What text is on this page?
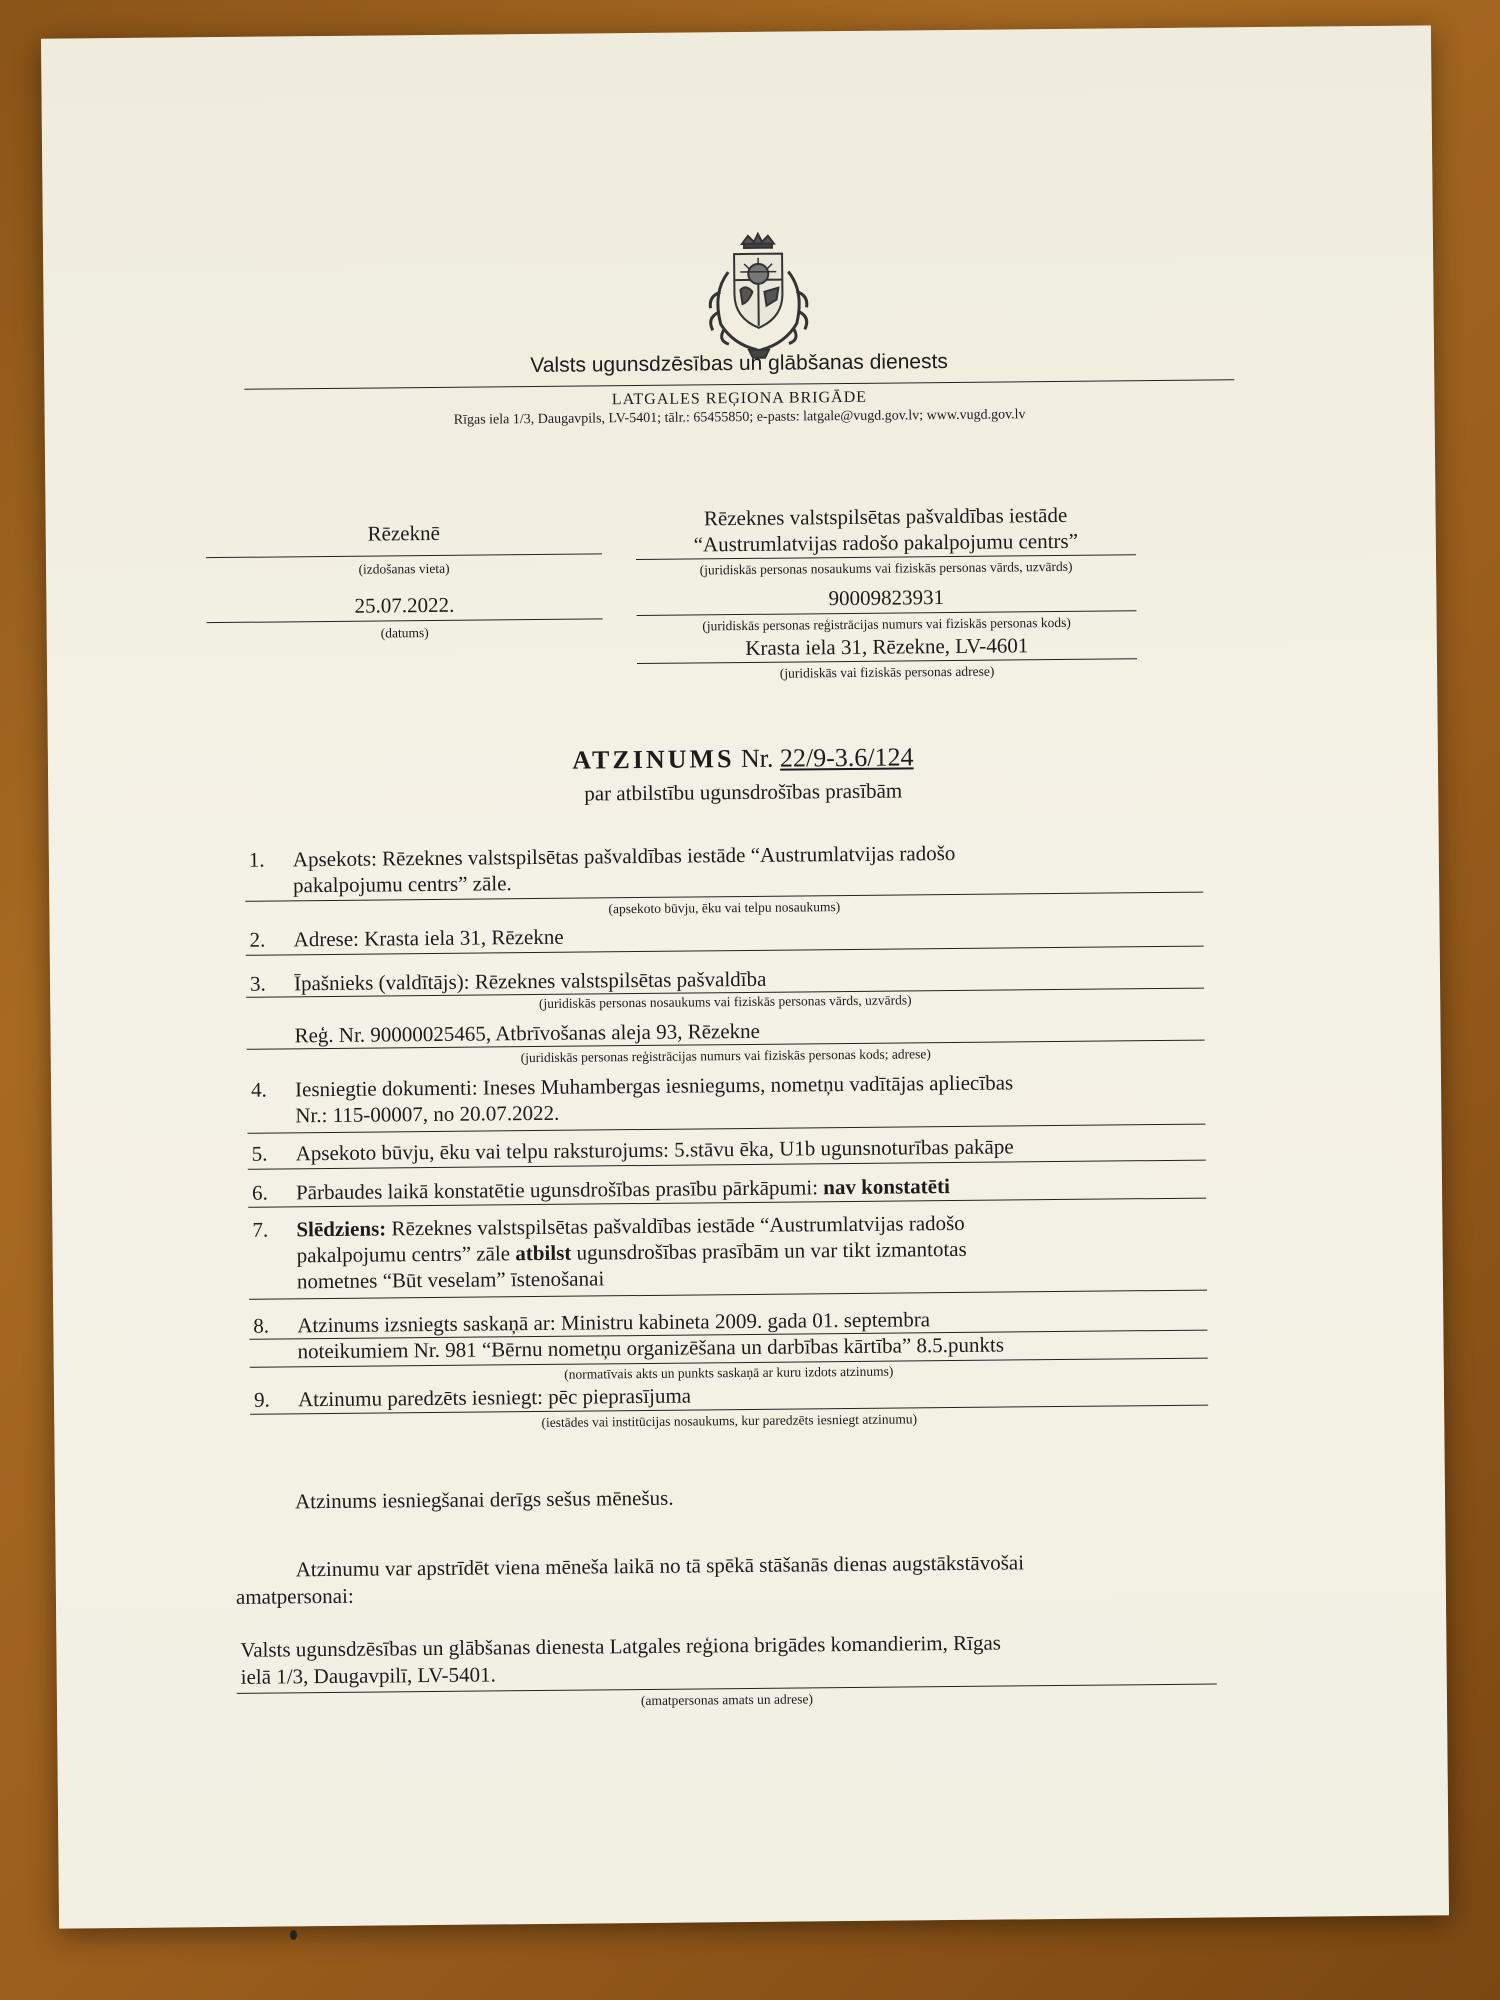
Valsts ugunsdzēsības un glābšanas dienests
LATGALES REĢIONA BRIGĀDE
Rīgas iela 1/3, Daugavpils, LV-5401; tālr.: 65455850; e-pasts: latgale@vugd.gov.lv; www.vugd.gov.lv
Rēzeknē
(izdošanas vieta)
25.07.2022.
(datums)
Rēzeknes valstspilsētas pašvaldības iestāde
“Austrumlatvijas radošo pakalpojumu centrs”
(juridiskās personas nosaukums vai fiziskās personas vārds, uzvārds)
90009823931
(juridiskās personas reģistrācijas numurs vai fiziskās personas kods)
Krasta iela 31, Rēzekne, LV-4601
(juridiskās vai fiziskās personas adrese)
ATZINUMS Nr. 22/9-3.6/124
par atbilstību ugunsdrošības prasībām
1. Apsekots: Rēzeknes valstspilsētas pašvaldības iestāde “Austrumlatvijas radošo
pakalpojumu centrs” zāle.
(apsekoto būvju, ēku vai telpu nosaukums)
2. Adrese: Krasta iela 31, Rēzekne
3. Īpašnieks (valdītājs): Rēzeknes valstspilsētas pašvaldība
(juridiskās personas nosaukums vai fiziskās personas vārds, uzvārds)
Reģ. Nr. 90000025465, Atbrīvošanas aleja 93, Rēzekne
(juridiskās personas reģistrācijas numurs vai fiziskās personas kods; adrese)
4. Iesniegtie dokumenti: Ineses Muhambergas iesniegums, nometņu vadītājas apliecības
Nr.: 115-00007, no 20.07.2022.
5. Apsekoto būvju, ēku vai telpu raksturojums: 5.stāvu ēka, U1b ugunsnoturības pakāpe
6. Pārbaudes laikā konstatētie ugunsdrošības prasību pārkāpumi: nav konstatēti
7. Slēdziens: Rēzeknes valstspilsētas pašvaldības iestāde “Austrumlatvijas radošo
pakalpojumu centrs” zāle atbilst ugunsdrošības prasībām un var tikt izmantotas
nometnes “Būt veselam” īstenošanai
8. Atzinums izsniegts saskaņā ar: Ministru kabineta 2009. gada 01. septembra
noteikumiem Nr. 981 “Bērnu nometņu organizēšana un darbības kārtība” 8.5.punkts
(normatīvais akts un punkts saskaņā ar kuru izdots atzinums)
9. Atzinumu paredzēts iesniegt: pēc pieprasījuma
(iestādes vai institūcijas nosaukums, kur paredzēts iesniegt atzinumu)
Atzinums iesniegšanai derīgs sešus mēnešus.
Atzinumu var apstrīdēt viena mēneša laikā no tā spēkā stāšanās dienas augstākstāvošai
amatpersonai:
Valsts ugunsdzēsības un glābšanas dienesta Latgales reģiona brigādes komandierim, Rīgas
ielā 1/3, Daugavpilī, LV-5401.
(amatpersonas amats un adrese)
